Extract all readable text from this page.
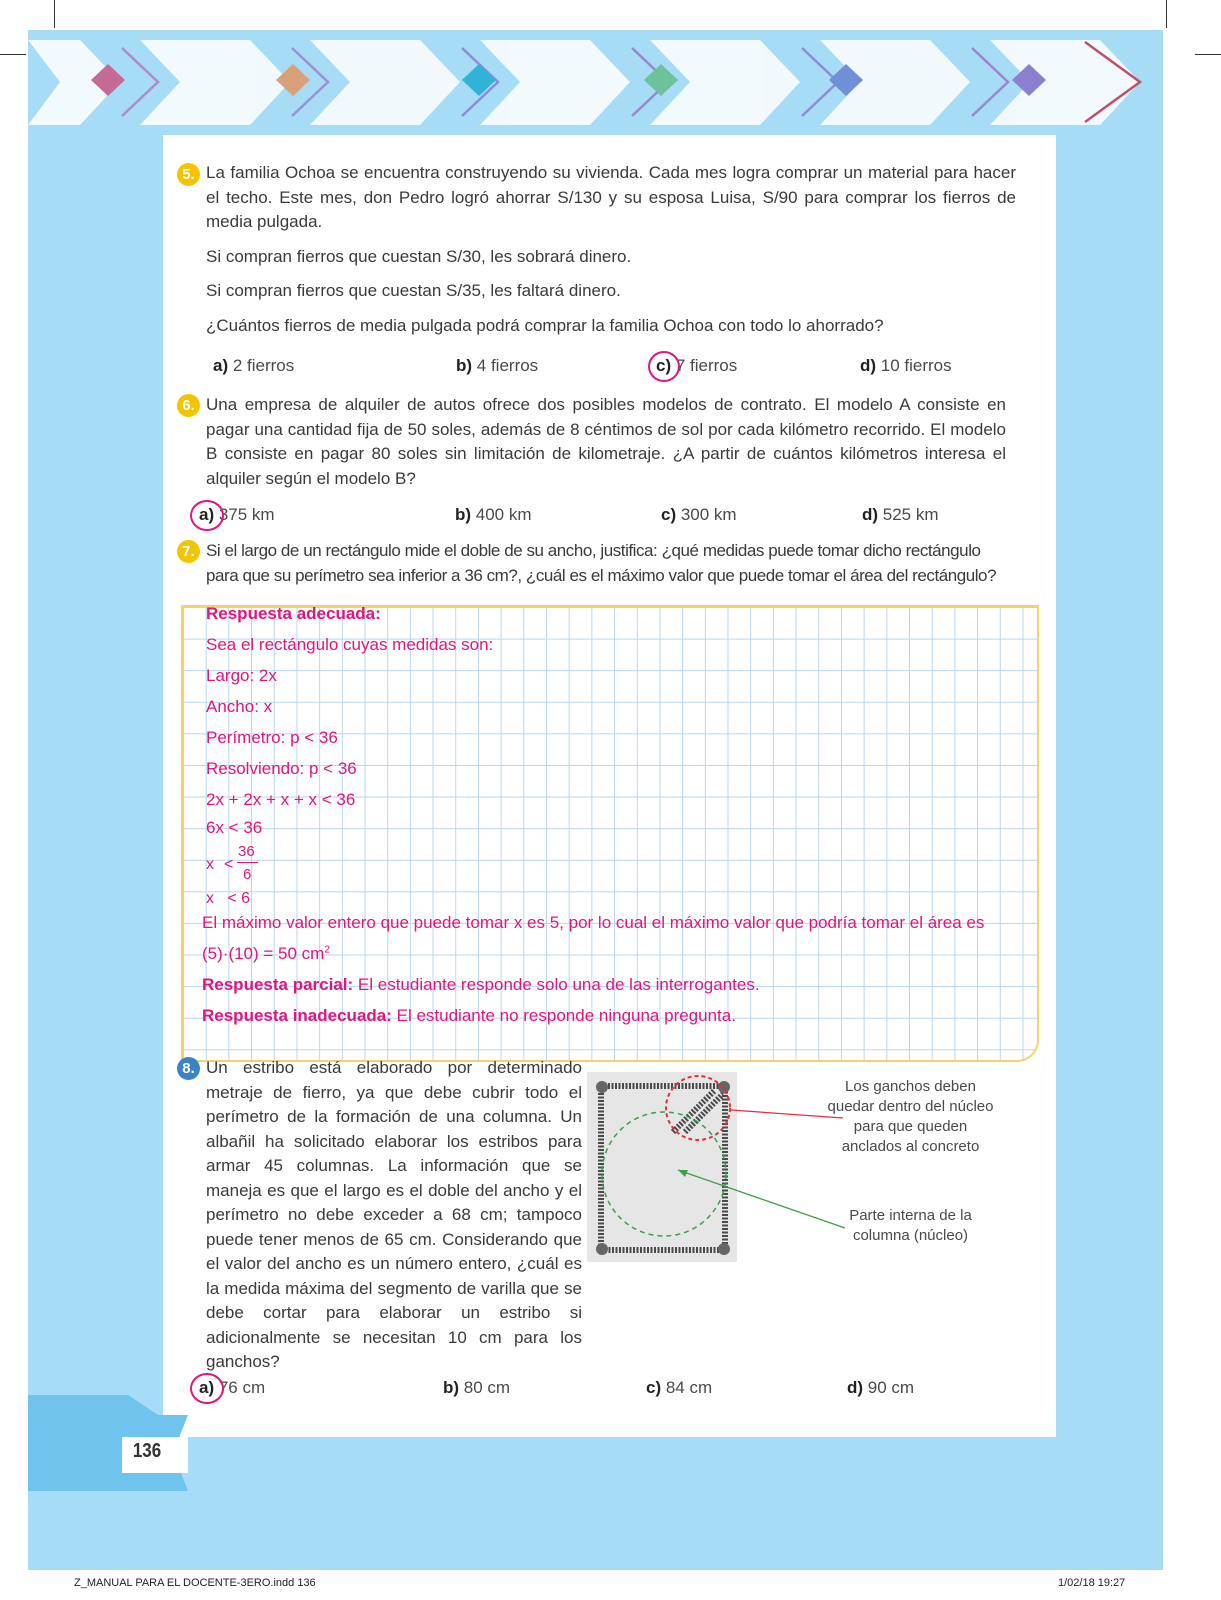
5. La familia Ochoa se encuentra construyendo su vivienda. Cada mes logra comprar un material para hacer el techo. Este mes, don Pedro logró ahorrar S/130 y su esposa Luisa, S/90 para comprar los fierros de media pulgada.
Si compran fierros que cuestan S/30, les sobrará dinero.
Si compran fierros que cuestan S/35, les faltará dinero.
¿Cuántos fierros de media pulgada podrá comprar la familia Ochoa con todo lo ahorrado?
a) 2 fierros	b) 4 fierros	c) 7 fierros	d) 10 fierros
6. Una empresa de alquiler de autos ofrece dos posibles modelos de contrato. El modelo A consiste en pagar una cantidad fija de 50 soles, además de 8 céntimos de sol por cada kilómetro recorrido. El modelo B consiste en pagar 80 soles sin limitación de kilometraje. ¿A partir de cuántos kilómetros interesa el alquiler según el modelo B?
a) 375 km	b) 400 km	c) 300 km	d) 525 km
7. Si el largo de un rectángulo mide el doble de su ancho, justifica: ¿qué medidas puede tomar dicho rectángulo para que su perímetro sea inferior a 36 cm?, ¿cuál es el máximo valor que puede tomar el área del rectángulo?
Respuesta adecuada:
Sea el rectángulo cuyas medidas son:
Largo: 2x
Ancho: x
Perímetro: p < 36
Resolviendo: p < 36
2x + 2x + x + x < 36
6x < 36
x <
36
6
x   < 6
El máximo valor entero que puede tomar x es 5, por lo cual el máximo valor que podría tomar el área es
(5)·(10) = 50 $cm^2$
Respuesta parcial: El estudiante responde solo una de las interrogantes.
Respuesta inadecuada: El estudiante no responde ninguna pregunta.
8. Un estribo está elaborado por determinado metraje de fierro, ya que debe cubrir todo el perímetro de la formación de una columna. Un albañil ha solicitado elaborar los estribos para armar 45 columnas. La información que se maneja es que el largo es el doble del ancho y el perímetro no debe exceder a 68 cm; tampoco puede tener menos de 65 cm. Considerando que el valor del ancho es un número entero, ¿cuál es la medida máxima del segmento de varilla que se debe cortar para elaborar un estribo si adicionalmente se necesitan 10 cm para los ganchos?
Los ganchos deben quedar dentro del núcleo para que queden anclados al concreto
Parte interna de la columna (núcleo)
a) 76 cm	b) 80 cm	c) 84 cm	d) 90 cm
136
Z_MANUAL PARA EL DOCENTE-3ERO.indd 136	1/02/18 19:27
